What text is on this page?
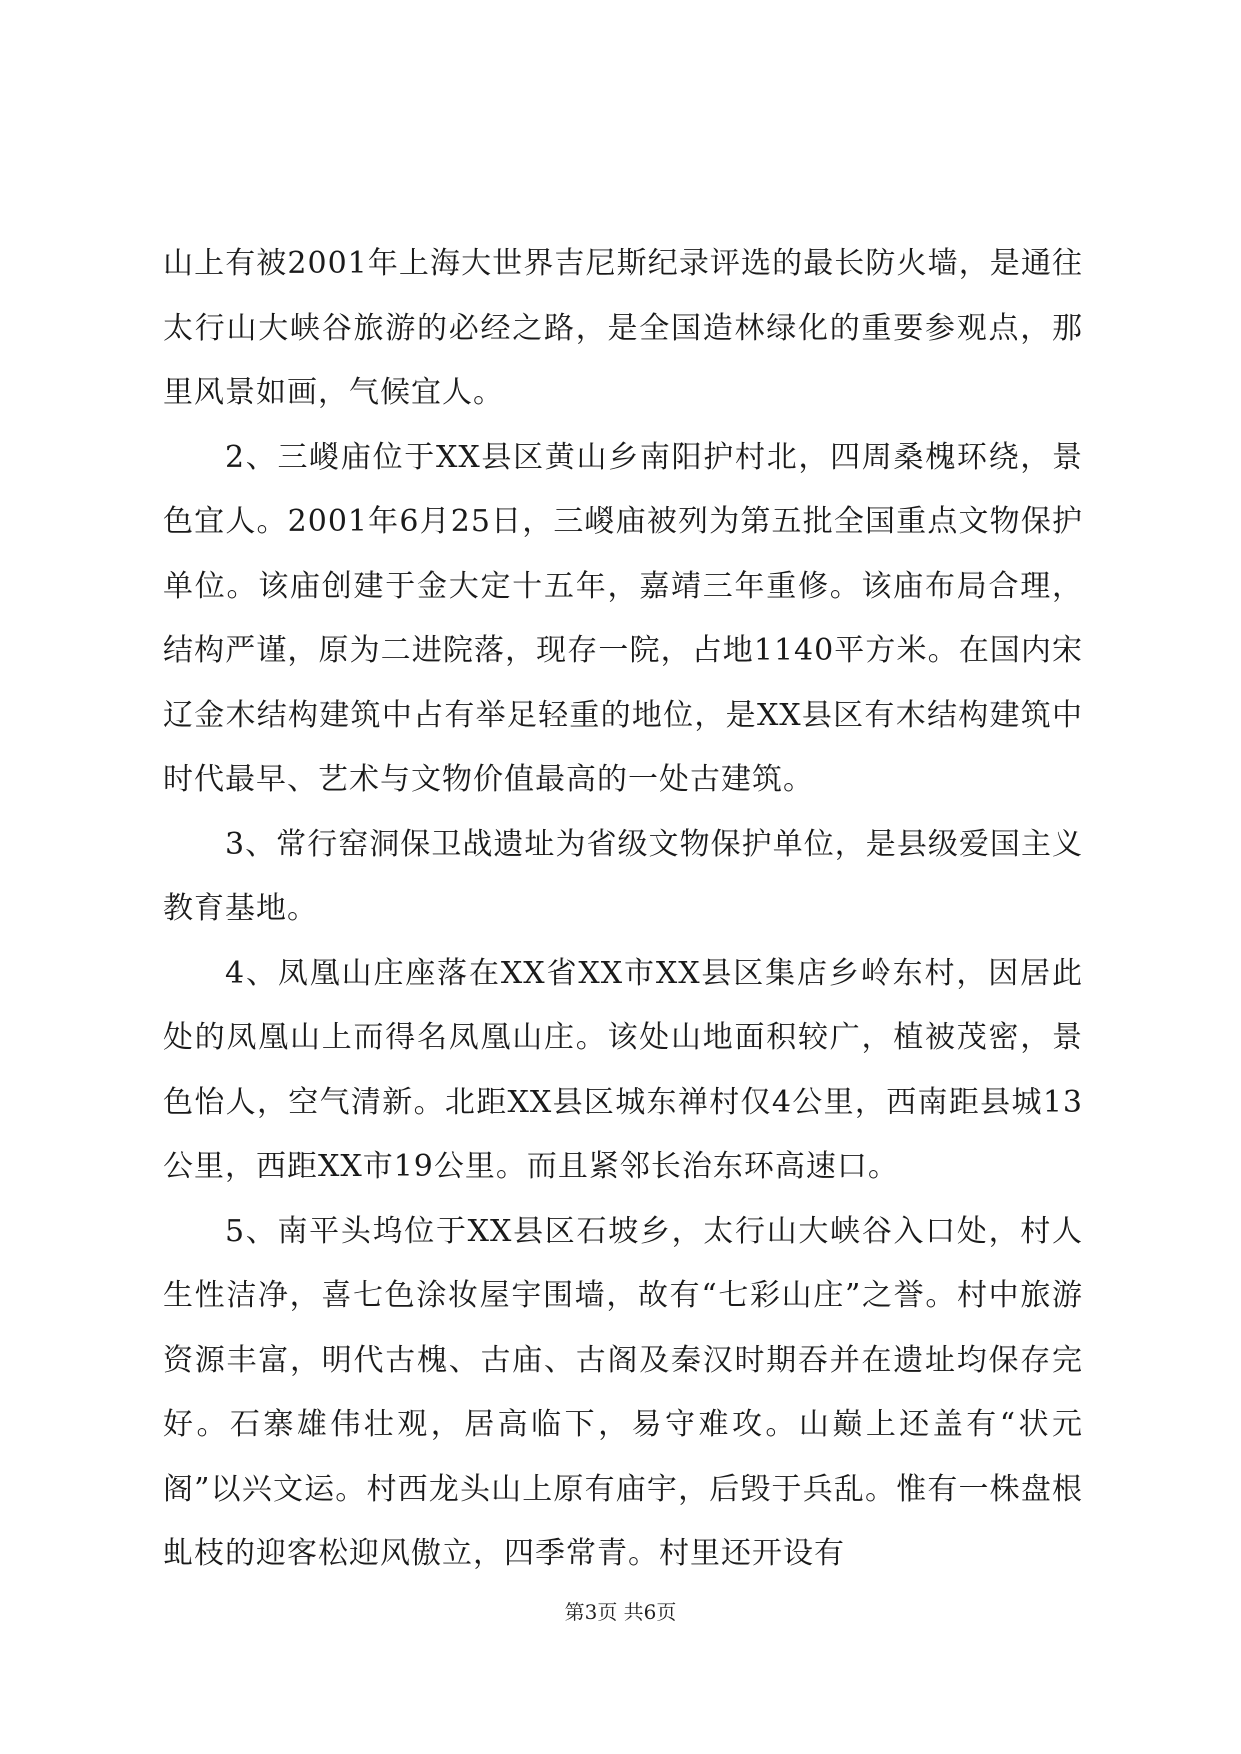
山上有被2001年上海大世界吉尼斯纪录评选的最长防火墙，是通往太行山大峡谷旅游的必经之路，是全国造林绿化的重要参观点，那里风景如画，气候宜人。

2、三嵕庙位于XX县区黄山乡南阳护村北，四周桑槐环绕，景色宜人。2001年6月25日，三嵕庙被列为第五批全国重点文物保护单位。该庙创建于金大定十五年，嘉靖三年重修。该庙布局合理，结构严谨，原为二进院落，现存一院，占地1140平方米。在国内宋辽金木结构建筑中占有举足轻重的地位，是XX县区有木结构建筑中时代最早、艺术与文物价值最高的一处古建筑。

3、常行窑洞保卫战遗址为省级文物保护单位，是县级爱国主义教育基地。

4、凤凰山庄座落在XX省XX市XX县区集店乡岭东村，因居此处的凤凰山上而得名凤凰山庄。该处山地面积较广，植被茂密，景色怡人，空气清新。北距XX县区城东禅村仅4公里，西南距县城13公里，西距XX市19公里。而且紧邻长治东环高速口。

5、南平头坞位于XX县区石坡乡，太行山大峡谷入口处，村人生性洁净，喜七色涂妆屋宇围墙，故有“七彩山庄”之誉。村中旅游资源丰富，明代古槐、古庙、古阁及秦汉时期吞并在遗址均保存完好。石寨雄伟壮观，居高临下，易守难攻。山巅上还盖有“状元阁”以兴文运。村西龙头山上原有庙宇，后毁于兵乱。惟有一株盘根虬枝的迎客松迎风傲立，四季常青。村里还开设有

第3页 共6页
